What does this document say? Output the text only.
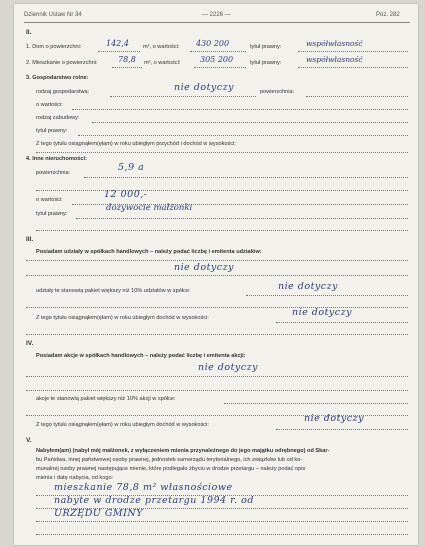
Dziennik Ustaw Nr 34	— 2226 —	Poz. 282
II.
1. Dom o powierzchni:	142,4	m², o wartości: 430 200	tytuł prawny:	współwłasność
2. Mieszkanie o powierzchni:	78,8 m², o wartości: 305 200	tytuł prawny:	współwłasność
3. Gospodarstwo rolne:
rodzaj gospodarstwa:	nie dotyczy	powierzchnia:
o wartości:
rodzaj zabudowy:
tytuł prawny:
Z tego tytułu osiągnąłem(ęłam) w roku ubiegłym przychód i dochód w wysokości:
4. Inne nieruchomości:
powierzchnia:	5,9 a
o wartości:	12 000,-
tytuł prawny:
dożywocie małżonki
III.
Posiadam udziały w spółkach handlowych – należy podać liczbę i emitenta udziałów:
nie dotyczy
udziały te stanowią pakiet większy niż 10% udziałów w spółce:	nie dotyczy
Z tego tytułu osiągnąłem(ęłam) w roku ubiegłym dochód w wysokości:	nie dotyczy
IV.
Posiadam akcje w spółkach handlowych – należy podać liczbę i emitenta akcji:
nie dotyczy
akcje te stanowią pakiet większy niż 10% akcji w spółce:
Z tego tytułu osiągnąłem(ęłam) w roku ubiegłym dochód w wysokości:
nie dotyczy
V.
Nabyłem(am) (nabył mój małżonek, z wyłączeniem mienia przynależnego do jego majątku odrębnego) od Skar-
bu Państwa, innej państwowej osoby prawnej, jednostek samorządu terytorialnego, ich związków lub od ko-
munalnej osoby prawnej następujące mienie, które podlegało zbyciu w drodze przetargu – należy podać opis
mienia i datę nabycia, od kogo:
mieszkanie 78,8 m² własnościowe
nabyte w drodze przetargu 1994 r. od
URZĘDU GMINY
